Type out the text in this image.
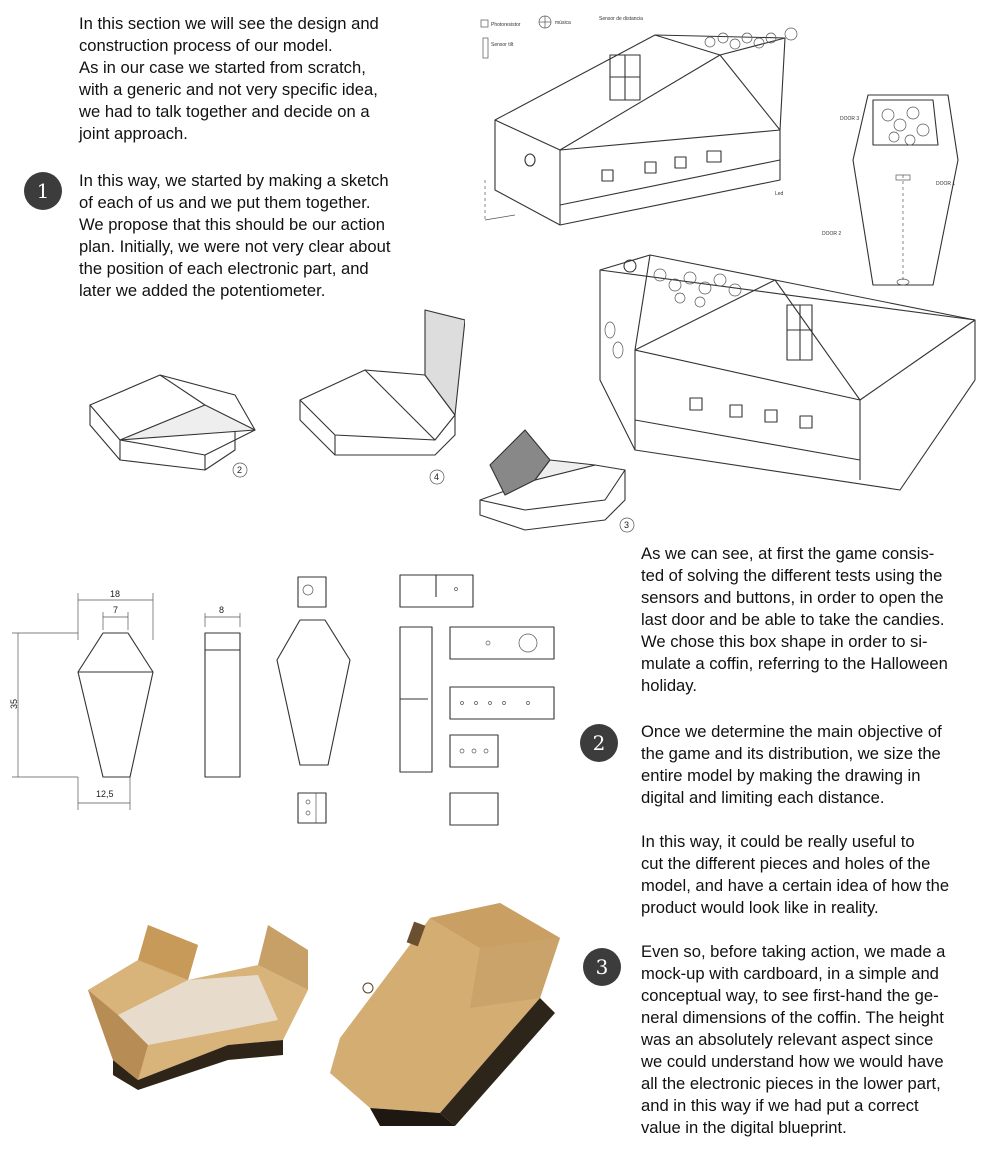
In this section we will see the design and
construction process of our model.
As in our case we started from scratch,
with a generic and not very specific idea,
we had to talk together and decide on a
joint approach.
1	In this way, we started by making a sketch
of each of us and we put them together.
We propose that this should be our action
plan. Initially, we were not very clear about
the position of each electronic part, and
later we added the potentiometer.
Photoresistor	música
Sensor de distancia
Sensor tilt
Led
DOOR 3
DOOR 1
DOOR 2
2
4
3
18
7
35
12,5
8
As we can see, at first the game consis-
ted of solving the different tests using the
sensors and buttons, in order to open the
last door and be able to take the candies.
We chose this box shape in order to si-
mulate a coffin, referring to the Halloween
holiday.
2	Once we determine the main objective of
the game and its distribution, we size the
entire model by making the drawing in
digital and limiting each distance.
In this way, it could be really useful to
cut the different pieces and holes of the
model, and have a certain idea of how the
product would look like in reality.
3
Even so, before taking action, we made a
mock-up with cardboard, in a simple and
conceptual way, to see first-hand the ge-
neral dimensions of the coffin. The height
was an absolutely relevant aspect since
we could understand how we would have
all the electronic pieces in the lower part,
and in this way if we had put a correct
value in the digital blueprint.
